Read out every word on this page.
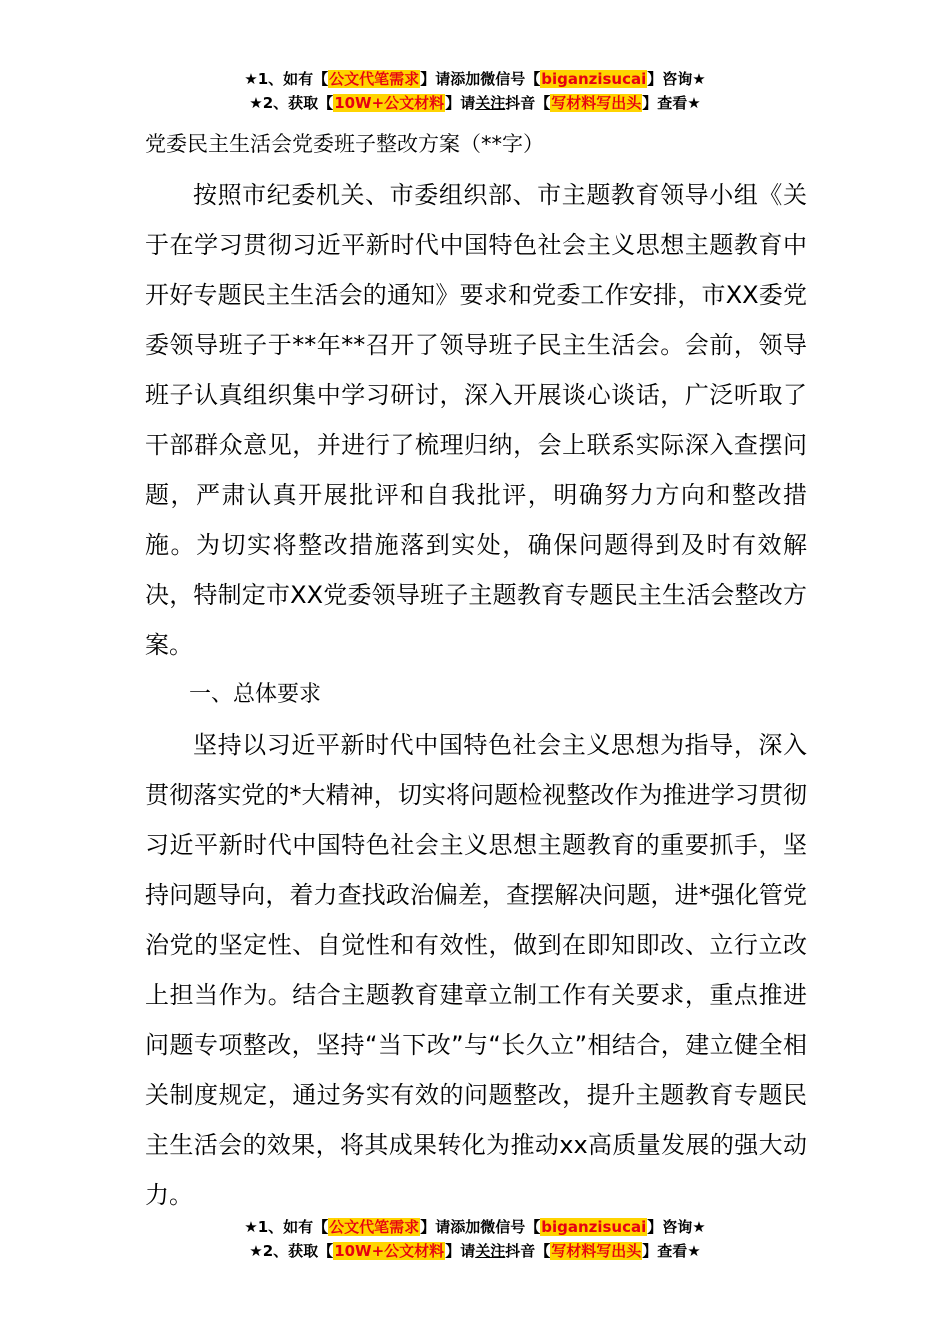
★1、如有【公文代笔需求】请添加微信号【biganzisucai】咨询★
★2、获取【10W+公文材料】请关注抖音【写材料写出头】查看★
党委民主生活会党委班子整改方案（**字）

按照市纪委机关、市委组织部、市主题教育领导小组《关于在学习贯彻习近平新时代中国特色社会主义思想主题教育中开好专题民主生活会的通知》要求和党委工作安排，市XX委党委领导班子于**年**召开了领导班子民主生活会。会前，领导班子认真组织集中学习研讨，深入开展谈心谈话，广泛听取了干部群众意见，并进行了梳理归纳，会上联系实际深入查摆问题，严肃认真开展批评和自我批评，明确努力方向和整改措施。为切实将整改措施落到实处，确保问题得到及时有效解决，特制定市XX党委领导班子主题教育专题民主生活会整改方案。

一、总体要求

坚持以习近平新时代中国特色社会主义思想为指导，深入贯彻落实党的*大精神，切实将问题检视整改作为推进学习贯彻习近平新时代中国特色社会主义思想主题教育的重要抓手，坚持问题导向，着力查找政治偏差，查摆解决问题，进*强化管党治党的坚定性、自觉性和有效性，做到在即知即改、立行立改上担当作为。结合主题教育建章立制工作有关要求，重点推进问题专项整改，坚持“当下改”与“长久立”相结合，建立健全相关制度规定，通过务实有效的问题整改，提升主题教育专题民主生活会的效果，将其成果转化为推动xx高质量发展的强大动力。

★1、如有【公文代笔需求】请添加微信号【biganzisucai】咨询★
★2、获取【10W+公文材料】请关注抖音【写材料写出头】查看★
